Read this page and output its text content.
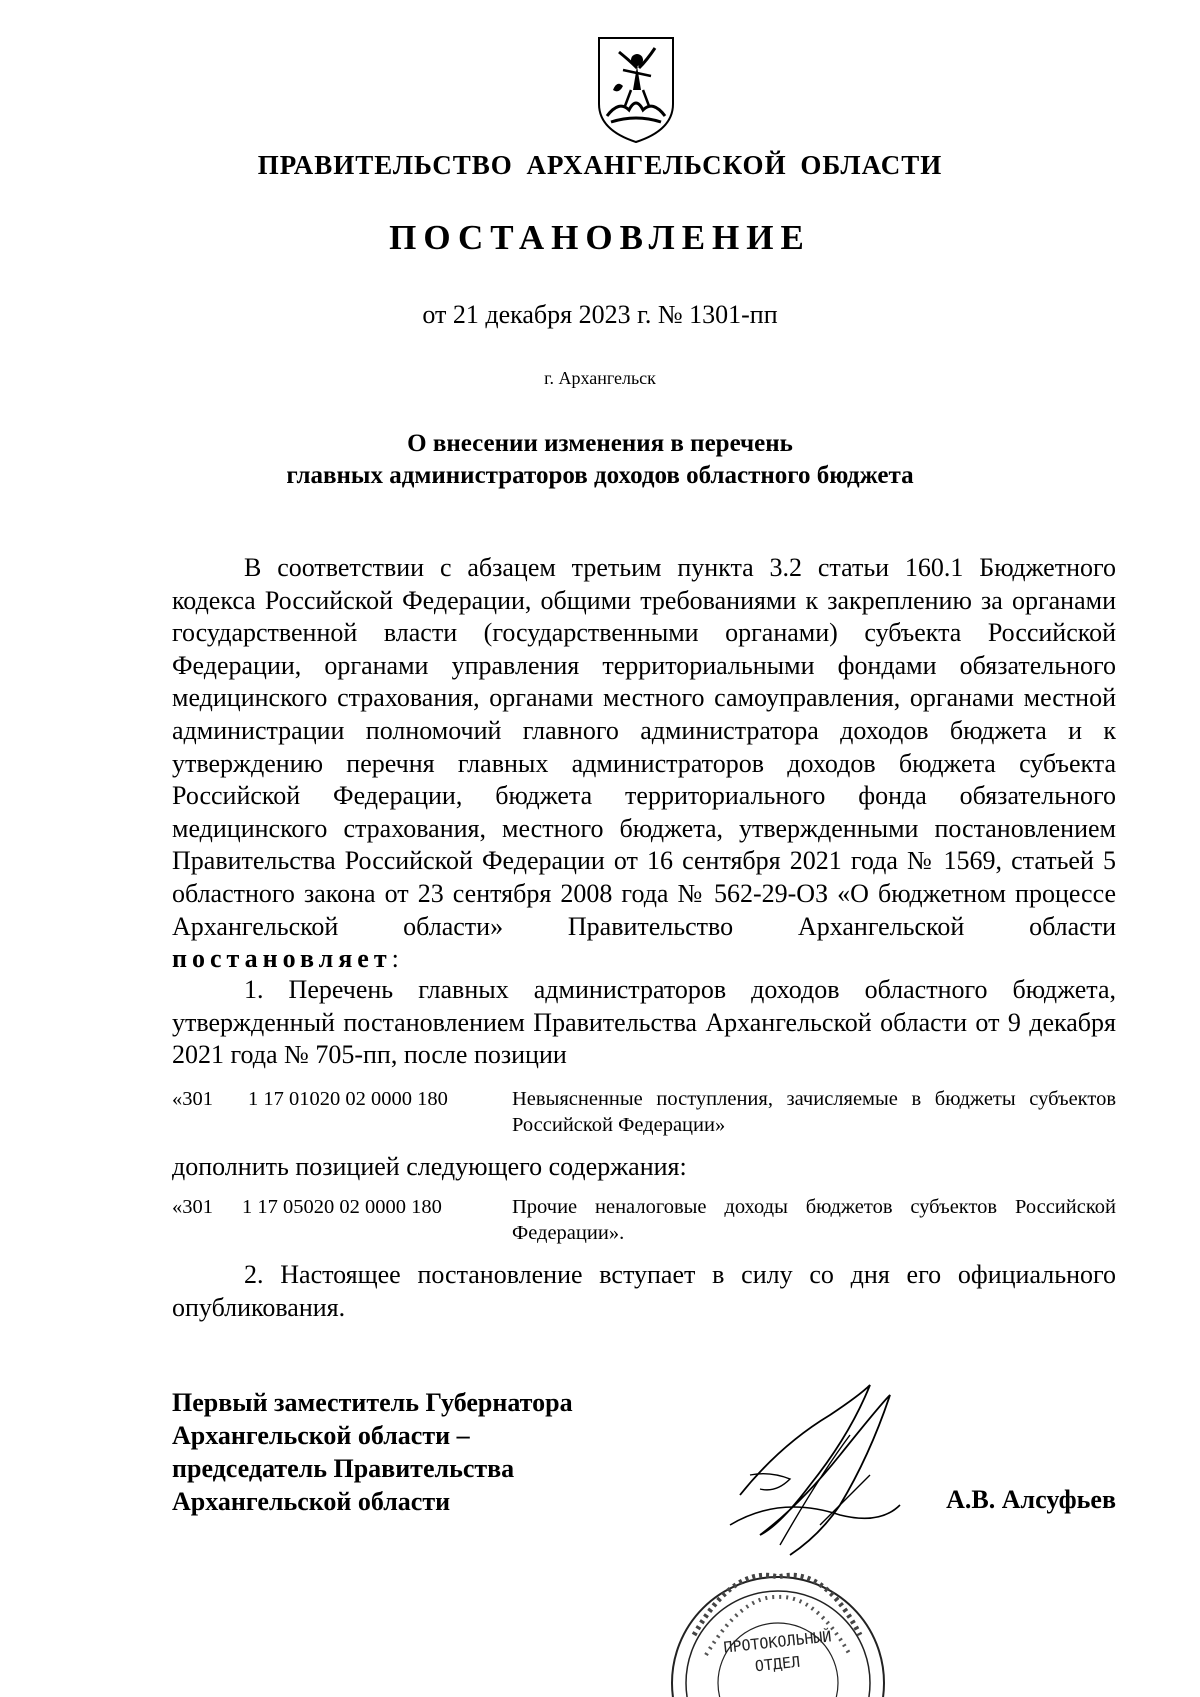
ПРАВИТЕЛЬСТВО АРХАНГЕЛЬСКОЙ ОБЛАСТИ
ПОСТАНОВЛЕНИЕ
от 21 декабря 2023 г. № 1301-пп
г. Архангельск
О внесении изменения в перечень
главных администраторов доходов областного бюджета

В соответствии с абзацем третьим пункта 3.2 статьи 160.1 Бюджетного кодекса Российской Федерации, общими требованиями к закреплению за органами государственной власти (государственными органами) субъекта Российской Федерации, органами управления территориальными фондами обязательного медицинского страхования, органами местного самоуправления, органами местной администрации полномочий главного администратора доходов бюджета и к утверждению перечня главных администраторов доходов бюджета субъекта Российской Федерации, бюджета территориального фонда обязательного медицинского страхования, местного бюджета, утвержденными постановлением Правительства Российской Федерации от 16 сентября 2021 года № 1569, статьей 5 областного закона от 23 сентября 2008 года № 562-29-ОЗ «О бюджетном процессе Архангельской области» Правительство Архангельской области постановляет:

1. Перечень главных администраторов доходов областного бюджета, утвержденный постановлением Правительства Архангельской области от 9 декабря 2021 года № 705-пп, после позиции

«301 1 17 01020 02 0000 180	Невыясненные поступления, зачисляемые в бюджеты субъектов Российской Федерации»
дополнить позицией следующего содержания:
«301 1 17 05020 02 0000 180	Прочие неналоговые доходы бюджетов субъектов Российской Федерации».

2. Настоящее постановление вступает в силу со дня его официального опубликования.

Первый заместитель Губернатора
Архангельской области –
председатель Правительства
Архангельской области	А.В. Алсуфьев
ПРОТОКОЛЬНЫЙ
ОТДЕЛ
